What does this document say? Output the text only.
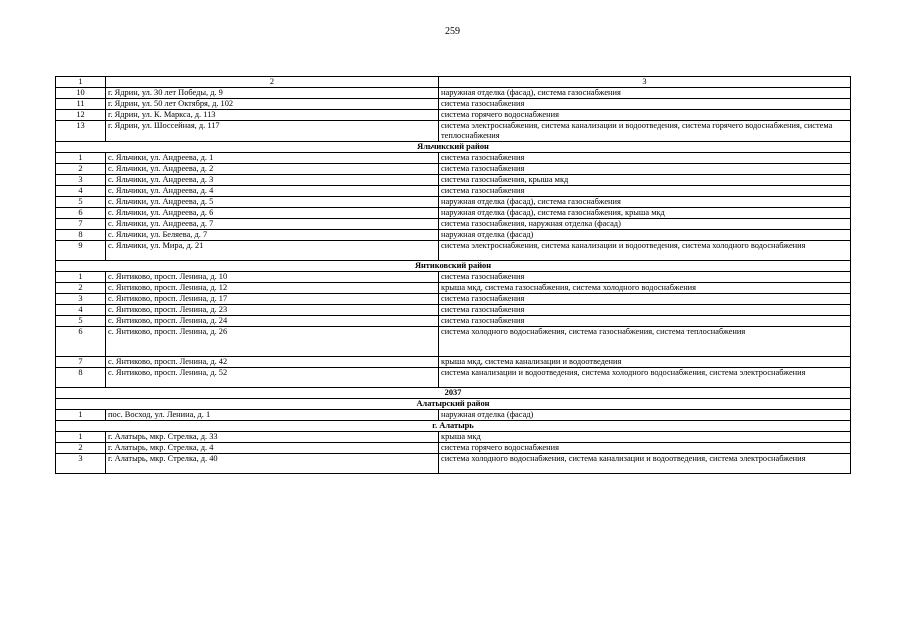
259
1	2	3
10	г. Ядрин, ул. 30 лет Победы, д. 9	наружная отделка (фасад), система газоснабжения
11	г. Ядрин, ул. 50 лет Октября, д. 102	система газоснабжения
12	г. Ядрин, ул. К. Маркса, д. 113	система горячего водоснабжения
13	г. Ядрин, ул. Шоссейная, д. 117	система электроснабжения, система канализации и водоотведения, система горячего водоснабжения, система теплоснабжения
Яльчикский район		
1	с. Яльчики, ул. Андреева, д. 1	система газоснабжения
2	с. Яльчики, ул. Андреева, д. 2	система газоснабжения
3	с. Яльчики, ул. Андреева, д. 3	система газоснабжения, крыша мкд
4	с. Яльчики, ул. Андреева, д. 4	система газоснабжения
5	с. Яльчики, ул. Андреева, д. 5	наружная отделка (фасад), система газоснабжения
6	с. Яльчики, ул. Андреева, д. 6	наружная отделка (фасад), система газоснабжения, крыша мкд
7	с. Яльчики, ул. Андреева, д. 7	система газоснабжения, наружная отделка (фасад)
8	с. Яльчики, ул. Беляева, д. 7	наружная отделка (фасад)
9	с. Яльчики, ул. Мира, д. 21	система электроснабжения, система канализации и водоотведения, система холодного водоснабжения
Янтиковский район		
1	с. Янтиково, просп. Ленина, д. 10	система газоснабжения
2	с. Янтиково, просп. Ленина, д. 12	крыша мкд, система газоснабжения, система холодного водоснабжения
3	с. Янтиково, просп. Ленина, д. 17	система газоснабжения
4	с. Янтиково, просп. Ленина, д. 23	система газоснабжения
5	с. Янтиково, просп. Ленина, д. 24	система газоснабжения
6	с. Янтиково, просп. Ленина, д. 26	система холодного водоснабжения, система газоснабжения, система теплоснабжения
7	с. Янтиково, просп. Ленина, д. 42	крыша мкд, система канализации и водоотведения
8	с. Янтиково, просп. Ленина, д. 52	система канализации и водоотведения, система холодного водоснабжения, система электроснабжения
2037		
Алатырский район		
1	пос. Восход, ул. Ленина, д. 1	наружная отделка (фасад)
г. Алатырь		
1	г. Алатырь, мкр. Стрелка, д. 33	крыша мкд
2	г. Алатырь, мкр. Стрелка, д. 4	система горячего водоснабжения
3	г. Алатырь, мкр. Стрелка, д. 40	система холодного водоснабжения, система канализации и водоотведения, система электроснабжения
